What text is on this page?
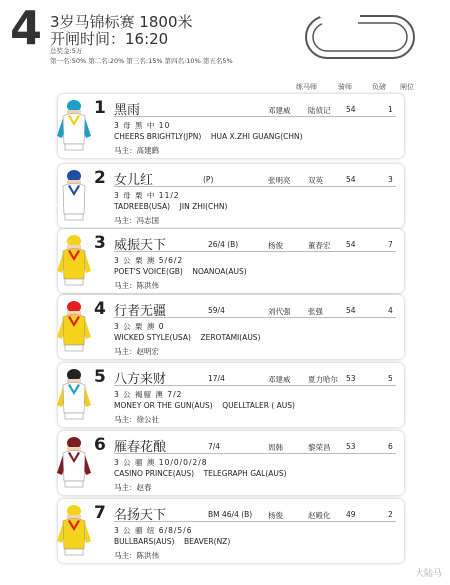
4 3岁马锦标赛 1800米
开闸时间：16:20
总奖金:5万
第一名:50% 第二名:20% 第三名:15% 第四名:10% 第五名5%
练马师	骑师	负磅 闸位
1 黑雨	邓建威 陆侦记 54	1
3 母 黑 中 10
CHEERS BRIGHTLY(JPN) HUA X.ZHI GUANG(CHN)
马主：高建鹞
2 女儿红	(P)	张明亮 双英	54	3
3 母 栗 中 11/2
TADREEB(USA) JIN ZHI(CHN)
马主：冯志国
3 威振天下	26/4 (B)	杨俊	董春宏 54	7
3 公 栗 澳 5/6/2
POET'S VOICE(GB) NOANOA(AUS)
马主：陈洪伟
4 行者无疆	59/4	刘代强 张强	54	4
3 公 栗 澳 0
WICKED STYLE(USA) ZEROTAMI(AUS)
马主：赵明宏
5 八方来财	17/4	邓建威 夏力哈尔 53	5
3 公 褐骝 澳 7/2
MONEY OR THE GUN(AUS) QUELLTALER ( AUS)
马主：徐公社
6 雁春花酿	7/4	周韩	黎荣昌 53	6
3 公 骝 澳 10/0/0/2/8
CASINO PRINCE(AUS) TELEGRAPH GAL(AUS)
马主：赵春
7 名扬天下	BM 46/4 (B) 杨俊	赵殿化 49	2
3 公 骝 纽 6/8/5/6
BULLBARS(AUS) BEAVER(NZ)
马主：陈洪伟
大陆马
